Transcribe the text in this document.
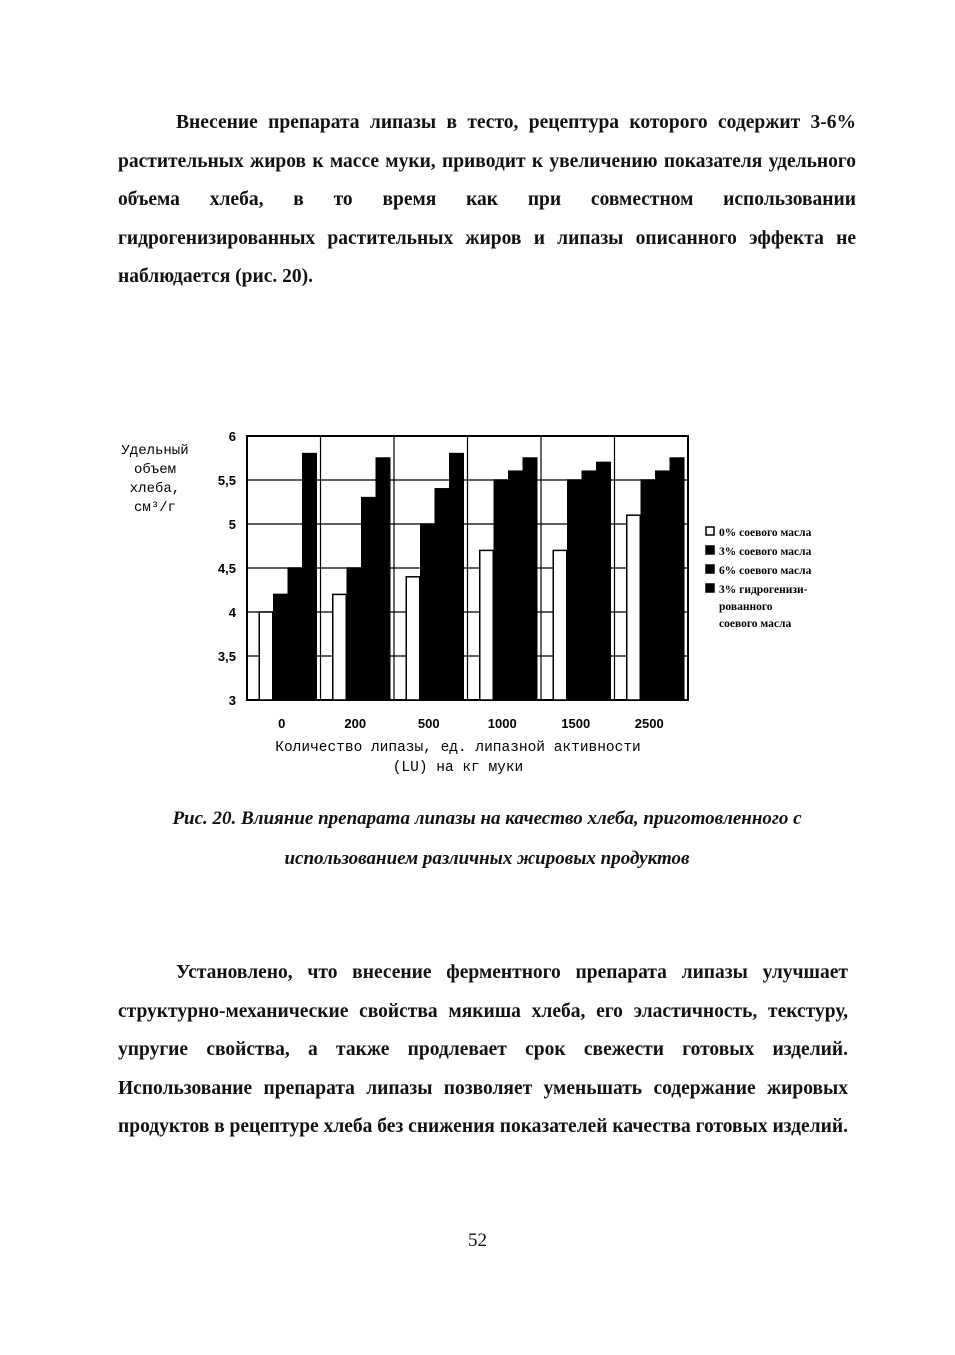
Внесение препарата липазы в тесто, рецептура которого содержит 3-6% растительных жиров к массе муки, приводит к увеличению показателя удельного объема хлеба, в то время как при совместном использовании гидрогенизированных растительных жиров и липазы описанного эффекта не наблюдается (рис. 20).
3
3,5
4
4,5
5
5,5
6
0	200	500	1000	1500	2500
Удельный
объем
хлеба,
см³/г
Количество липазы, ед. липазной активности
(LU) на кг муки
0% соевого масла
3% соевого масла
6% соевого масла
3% гидрогенизи-
рованного
соевого масла
Рис. 20. Влияние препарата липазы на качество хлеба, приготовленного с
использованием различных жировых продуктов
Установлено, что внесение ферментного препарата липазы улучшает структурно-механические свойства мякиша хлеба, его эластичность, текстуру, упругие свойства, а также продлевает срок свежести готовых изделий. Использование препарата липазы позволяет уменьшать содержание жировых продуктов в рецептуре хлеба без снижения показателей качества готовых изделий.
52
